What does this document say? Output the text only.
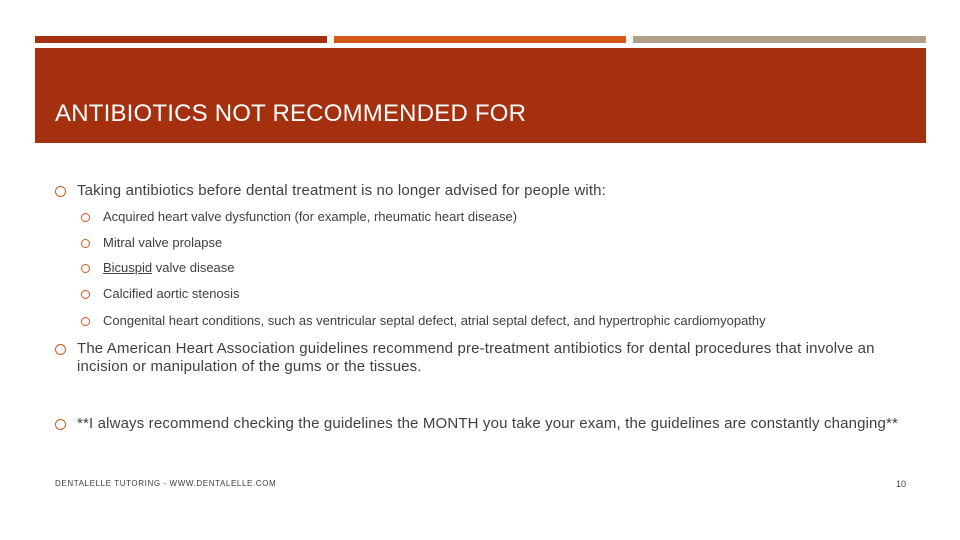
ANTIBIOTICS NOT RECOMMENDED FOR
Taking antibiotics before dental treatment is no longer advised for people with:
Acquired heart valve dysfunction (for example, rheumatic heart disease)
Mitral valve prolapse
Bicuspid valve disease
Calcified aortic stenosis
Congenital heart conditions, such as ventricular septal defect, atrial septal defect, and hypertrophic cardiomyopathy
The American Heart Association guidelines recommend pre-treatment antibiotics for dental procedures that involve an incision or manipulation of the gums or the tissues.
**I always recommend checking the guidelines the MONTH you take your exam, the guidelines are constantly changing**
DENTALELLE TUTORING - WWW.DENTALELLE.COM	10
